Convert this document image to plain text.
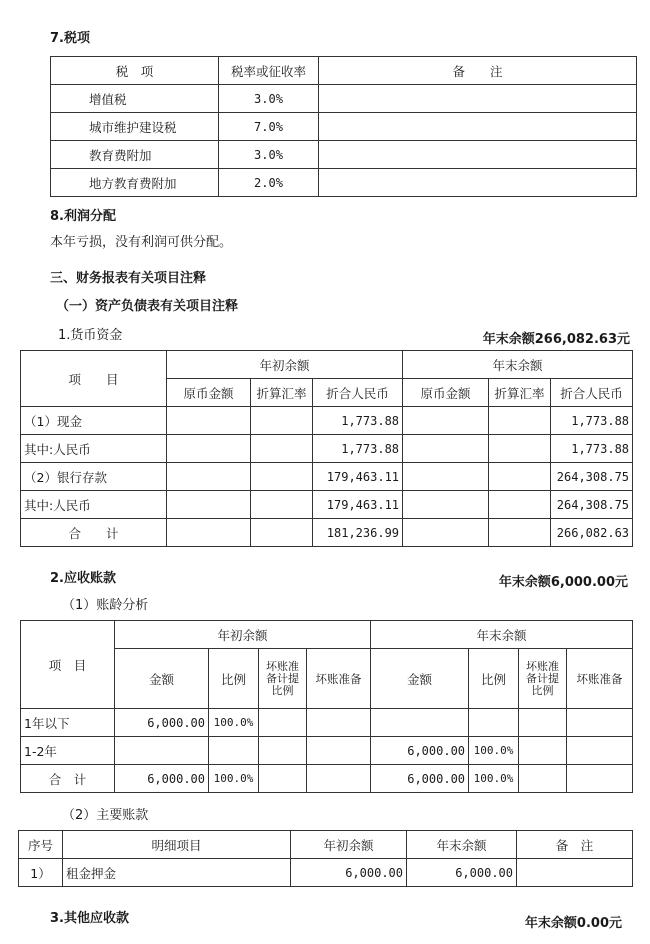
7.税项
税　项	税率或征收率	备　　注
增值税	3.0%	
城市维护建设税	7.0%	
教育费附加	3.0%	
地方教育费附加	2.0%	
8.利润分配
本年亏损，没有利润可供分配。
三、财务报表有关项目注释
（一）资产负债表有关项目注释
1.货币资金	年末余额266,082.63元
项　　目	年初余额			年末余额		
	原币金额	折算汇率	折合人民币	原币金额	折算汇率	折合人民币
（1）现金			1,773.88			1,773.88
其中:人民币			1,773.88			1,773.88
（2）银行存款			179,463.11			264,308.75
其中:人民币			179,463.11			264,308.75
合　　计			181,236.99			266,082.63
2.应收账款	年末余额6,000.00元
（1）账龄分析
项　目	年初余额				年末余额			
	金额	比例	坏账准备计提比例	坏账准备	金额	比例	坏账准备计提比例	坏账准备
1年以下	6,000.00	100.0%						
1-2年					6,000.00	100.0%		
合　计	6,000.00	100.0%			6,000.00	100.0%		
（2）主要账款
序号	明细项目	年初余额	年末余额	备　注
1）	租金押金	6,000.00	6,000.00	
3.其他应收款	年末余额0.00元
